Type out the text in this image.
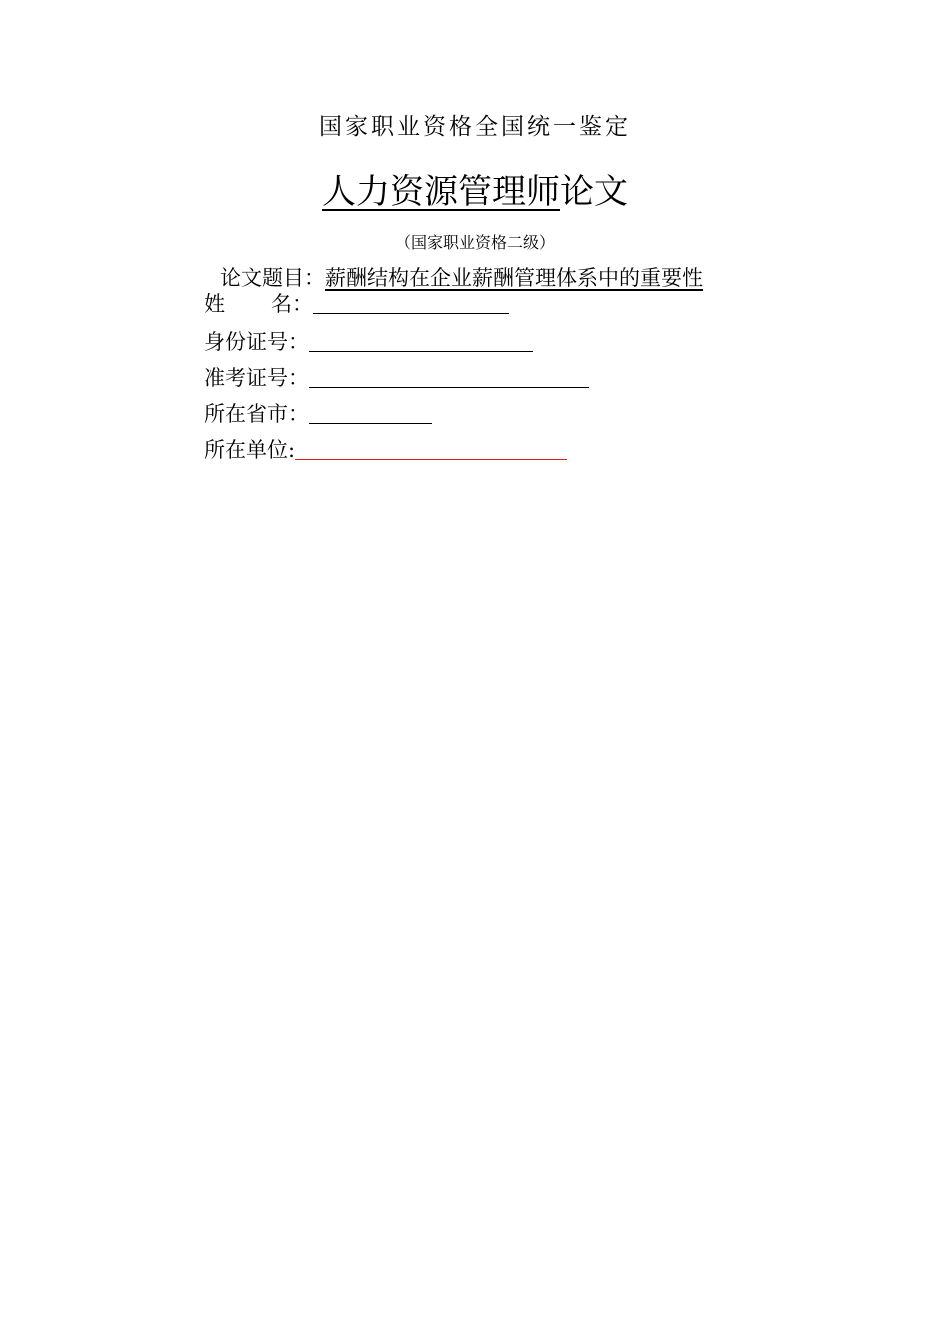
国家职业资格全国统一鉴定
人力资源管理师论文
（国家职业资格二级）
论文题目：薪酬结构在企业薪酬管理体系中的重要性
姓 名：
身份证号：
准考证号：
所在省市：
所在单位:
